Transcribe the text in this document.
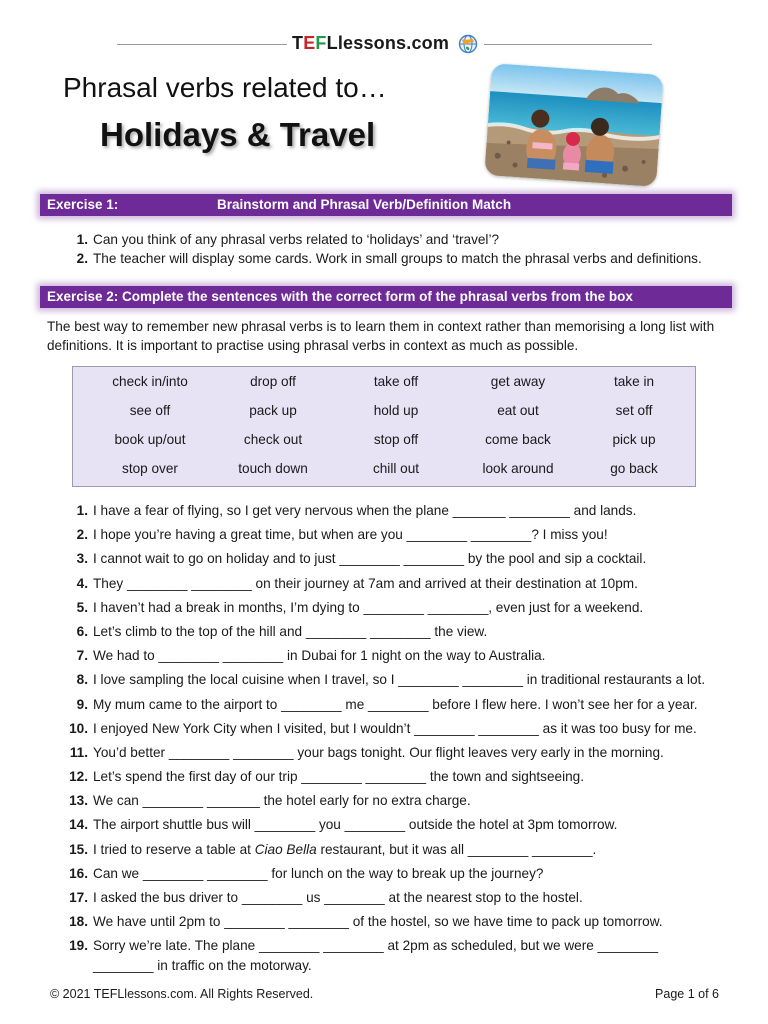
TEFLlessons.com
Phrasal verbs related to…
Holidays & Travel
Exercise 1:	Brainstorm and Phrasal Verb/Definition Match
1. Can you think of any phrasal verbs related to ‘holidays’ and ‘travel’?
2. The teacher will display some cards. Work in small groups to match the phrasal verbs and definitions.
Exercise 2: Complete the sentences with the correct form of the phrasal verbs from the box
The best way to remember new phrasal verbs is to learn them in context rather than memorising a long list with definitions. It is important to practise using phrasal verbs in context as much as possible.
check in/into	drop off	take off	get away	take in
see off	pack up	hold up	eat out	set off
book up/out	check out	stop off	come back	pick up
stop over	touch down	chill out	look around	go back
1. I have a fear of flying, so I get very nervous when the plane _______ ________ and lands.
2. I hope you’re having a great time, but when are you ________ ________? I miss you!
3. I cannot wait to go on holiday and to just ________ ________ by the pool and sip a cocktail.
4. They ________ ________ on their journey at 7am and arrived at their destination at 10pm.
5. I haven’t had a break in months, I’m dying to ________ ________, even just for a weekend.
6. Let’s climb to the top of the hill and ________ ________ the view.
7. We had to ________ ________ in Dubai for 1 night on the way to Australia.
8. I love sampling the local cuisine when I travel, so I ________ ________ in traditional restaurants a lot.
9. My mum came to the airport to ________ me ________ before I flew here. I won’t see her for a year.
10. I enjoyed New York City when I visited, but I wouldn’t ________ ________ as it was too busy for me.
11. You’d better ________ ________ your bags tonight. Our flight leaves very early in the morning.
12. Let’s spend the first day of our trip ________ ________ the town and sightseeing.
13. We can ________ _______ the hotel early for no extra charge.
14. The airport shuttle bus will ________ you ________ outside the hotel at 3pm tomorrow.
15. I tried to reserve a table at Ciao Bella restaurant, but it was all ________ ________.
16. Can we ________ ________ for lunch on the way to break up the journey?
17. I asked the bus driver to ________ us ________ at the nearest stop to the hostel.
18. We have until 2pm to ________ ________ of the hostel, so we have time to pack up tomorrow.
19. Sorry we’re late. The plane ________ ________ at 2pm as scheduled, but we were ________ ________ in traffic on the motorway.
© 2021 TEFLlessons.com. All Rights Reserved.	Page 1 of 6
